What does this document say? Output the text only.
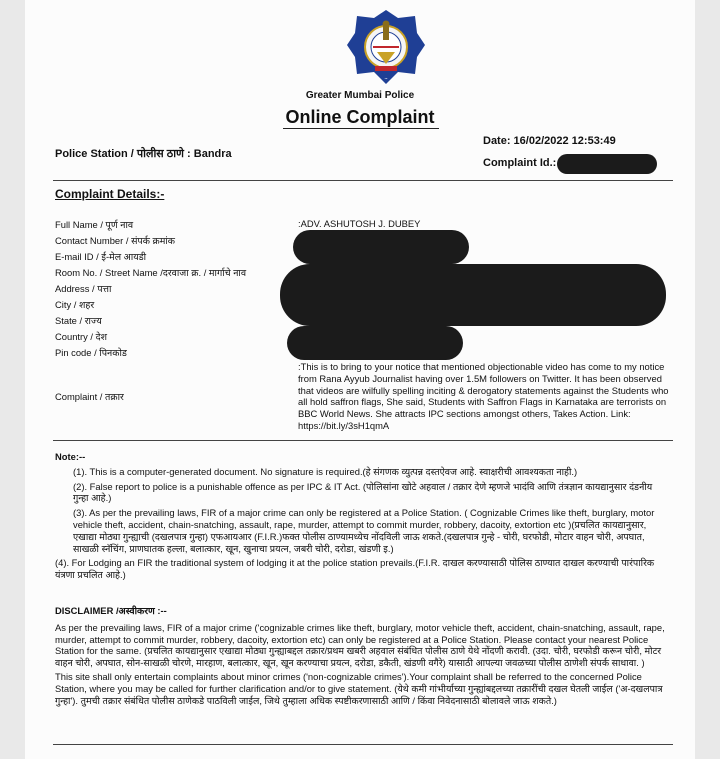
~
Greater Mumbai Police
Online Complaint
Date: 16/02/2022 12:53:49
Police Station / पोलीस ठाणे : Bandra
Complaint Id.:
Complaint Details:-
Full Name / पूर्ण नाव	:ADV. ASHUTOSH J. DUBEY
Contact Number / संपर्क क्रमांक
E-mail ID / ई-मेल आयडी
Room No. / Street Name /दरवाजा क्र. / मार्गाचे नाव
Address / पत्ता
City / शहर
State / राज्य
Country / देश
Pin code / पिनकोड
Complaint / तक्रार
:This is to bring to your notice that mentioned objectionable video has come to my notice from Rana Ayyub Journalist having over 1.5M followers on Twitter. It has been observed that videos are wilfully spelling inciting & derogatory statements against the Students who all hold saffron flags, She said, Students with Saffron Flags in Karnataka are terrorists on BBC World News. She attracts IPC sections amongst others, Takes Action. Link: https://bit.ly/3sH1qmA
Note:--
(1). This is a computer-generated document. No signature is required.(हे संगणक व्युत्पन्न दस्तऐवज आहे. स्वाक्षरीची आवश्यकता नाही.)
(2). False report to police is a punishable offence as per IPC & IT Act. (पोलिसांना खोटे अहवाल / तक्रार देणे म्हणजे भादंवि आणि तंत्रज्ञान कायद्यानुसार दंडनीय गुन्हा आहे.)
(3). As per the prevailing laws, FIR of a major crime can only be registered at a Police Station. ( Cognizable Crimes like theft, burglary, motor vehicle theft, accident, chain-snatching, assault, rape, murder, attempt to commit murder, robbery, dacoity, extortion etc )(प्रचलित कायद्यानुसार, एखाद्या मोठ्या गुन्ह्याची (दखलपात्र गुन्हा) एफआयआर (F.I.R.)फक्त पोलीस ठाण्यामध्येच नोंदविली जाऊ शकते.(दखलपात्र गुन्हे - चोरी, घरफोडी, मोटार वाहन चोरी, अपघात, साखळी स्नॅचिंग, प्राणघातक हल्ला, बलात्कार, खून, खुनाचा प्रयत्न, जबरी चोरी, दरोडा, खंडणी इ.)
(4). For Lodging an FIR the traditional system of lodging it at the police station prevails.(F.I.R. दाखल करण्यासाठी पोलिस ठाण्यात दाखल करण्याची पारंपारिक यंत्रणा प्रचलित आहे.)
DISCLAIMER /अस्वीकरण :--
As per the prevailing laws, FIR of a major crime ('cognizable crimes like theft, burglary, motor vehicle theft, accident, chain-snatching, assault, rape, murder, attempt to commit murder, robbery, dacoity, extortion etc) can only be registered at a Police Station. Please contact your nearest Police Station for the same. (प्रचलित कायद्यानुसार एखाद्या मोठ्या गुन्ह्याबद्दल तक्रार/प्रथम खबरी अहवाल संबंधित पोलीस ठाणे येथे नोंदणी करावी. (उदा. चोरी, घरफोडी करून चोरी, मोटर वाहन चोरी, अपघात, सोन-साखळी चोरणे, मारहाण, बलात्कार, खून, खून करण्याचा प्रयत्न, दरोडा, डकैती, खंडणी वगैरे) यासाठी आपल्या जवळच्या पोलीस ठाणेशी संपर्क साधावा. )
This site shall only entertain complaints about minor crimes ('non-cognizable crimes').Your complaint shall be referred to the concerned Police Station, where you may be called for further clarification and/or to give statement. (येथे कमी गांभीर्याच्या गुन्ह्यांबद्दलच्या तक्रारींची दखल घेतली जाईल ('अ-दखलपात्र गुन्हा'). तुमची तक्रार संबंधित पोलीस ठाणेकडे पाठविली जाईल, जिथे तुम्हाला अधिक स्पष्टीकरणासाठी आणि / किंवा निवेदनासाठी बोलावले जाऊ शकते.)
